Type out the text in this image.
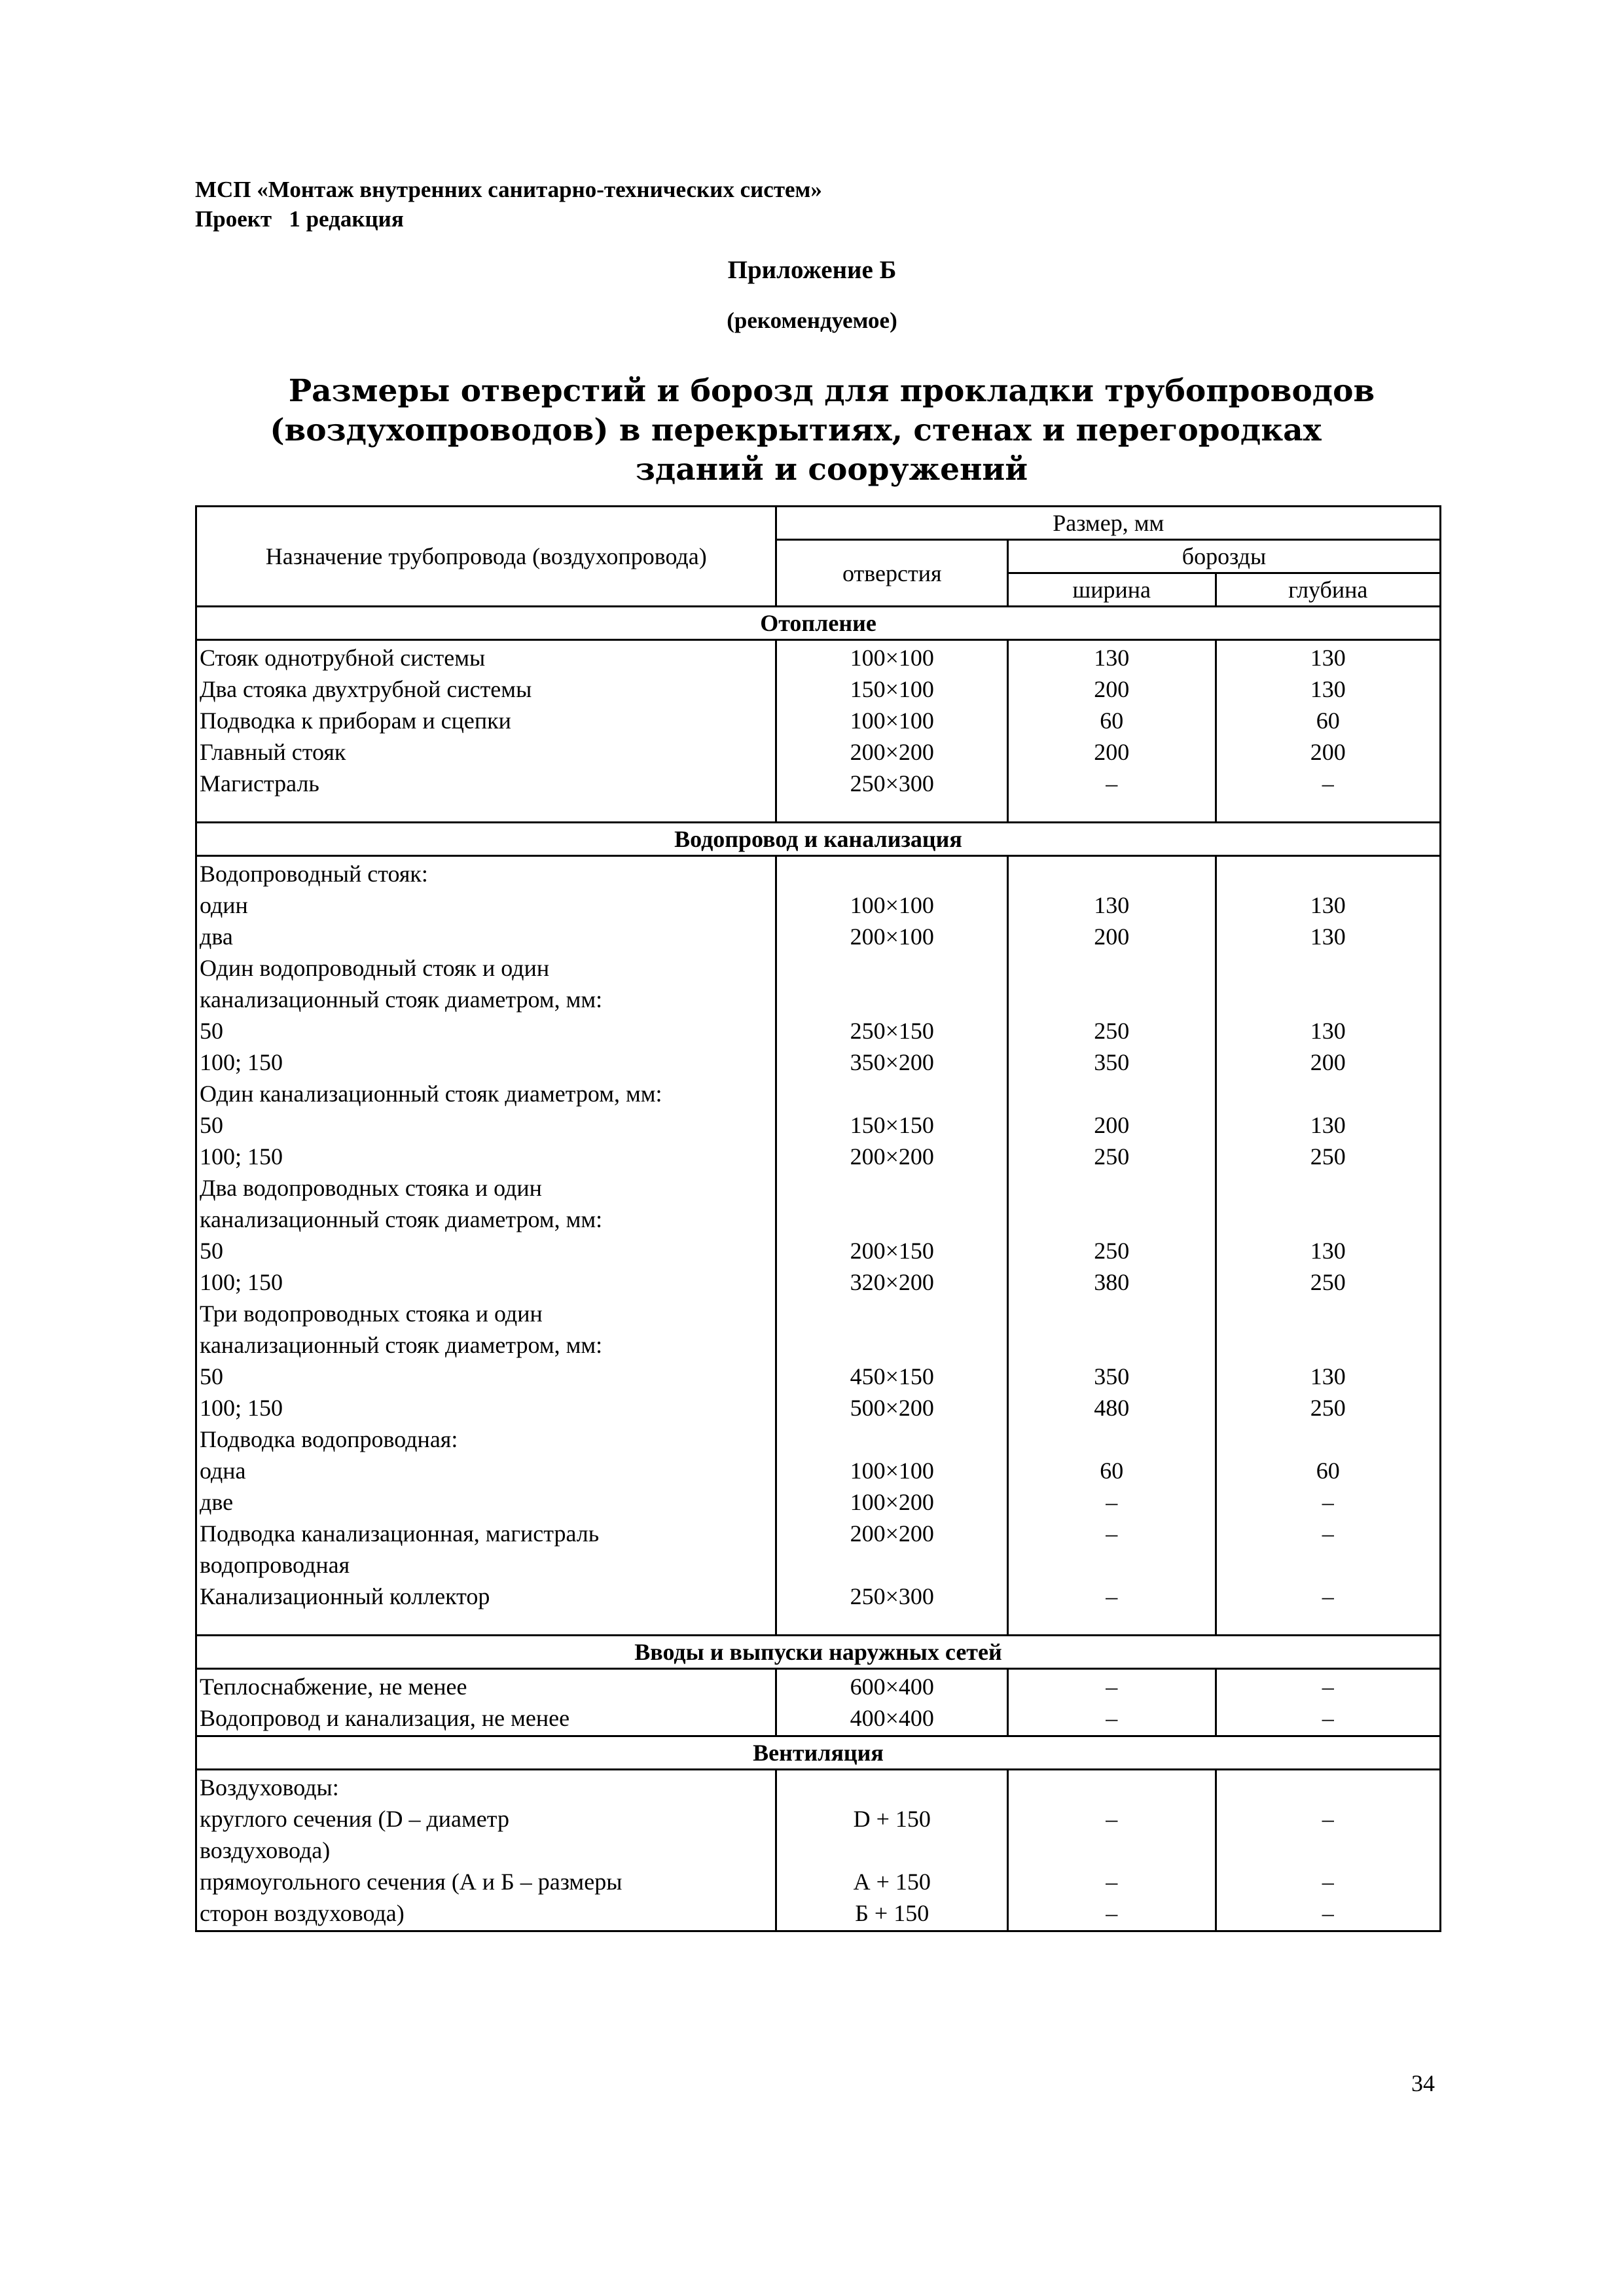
МСП «Монтаж внутренних санитарно-технических систем»
Проект   1 редакция
Приложение Б
(рекомендуемое)
Размеры отверстий и борозд для прокладки трубопроводов
(воздухопроводов) в перекрытиях, стенах и перегородках
зданий и сооружений
Назначение трубопровода (воздухопровода)	Размер, мм		
	отверстия	борозды	
		ширина	глубина
Отопление			
Стояк однотрубной системы	100×100	130	130
Два стояка двухтрубной системы	150×100	200	130
Подводка к приборам и сцепки	100×100	60	60
Главный стояк	200×200	200	200
Магистраль	250×300	–	–
Водопровод и канализация			
Водопроводный стояк:			
один	100×100	130	130
два	200×100	200	130
Один водопроводный стояк и один			
канализационный стояк диаметром, мм:			
50	250×150	250	130
100; 150	350×200	350	200
Один канализационный стояк диаметром, мм:			
50	150×150	200	130
100; 150	200×200	250	250
Два водопроводных стояка и один			
канализационный стояк диаметром, мм:			
50	200×150	250	130
100; 150	320×200	380	250
Три водопроводных стояка и один			
канализационный стояк диаметром, мм:			
50	450×150	350	130
100; 150	500×200	480	250
Подводка водопроводная:			
одна	100×100	60	60
две	100×200	–	–
Подводка канализационная, магистраль	200×200	–	–
водопроводная			
Канализационный коллектор	250×300	–	–
Вводы и выпуски наружных сетей			
Теплоснабжение, не менее	600×400	–	–
Водопровод и канализация, не менее	400×400	–	–
Вентиляция			
Воздуховоды:			
круглого сечения (D – диаметр	D + 150	–	–
воздуховода)			
прямоугольного сечения (А и Б – размеры	А + 150	–	–
сторон воздуховода)	Б + 150	–	–
34
